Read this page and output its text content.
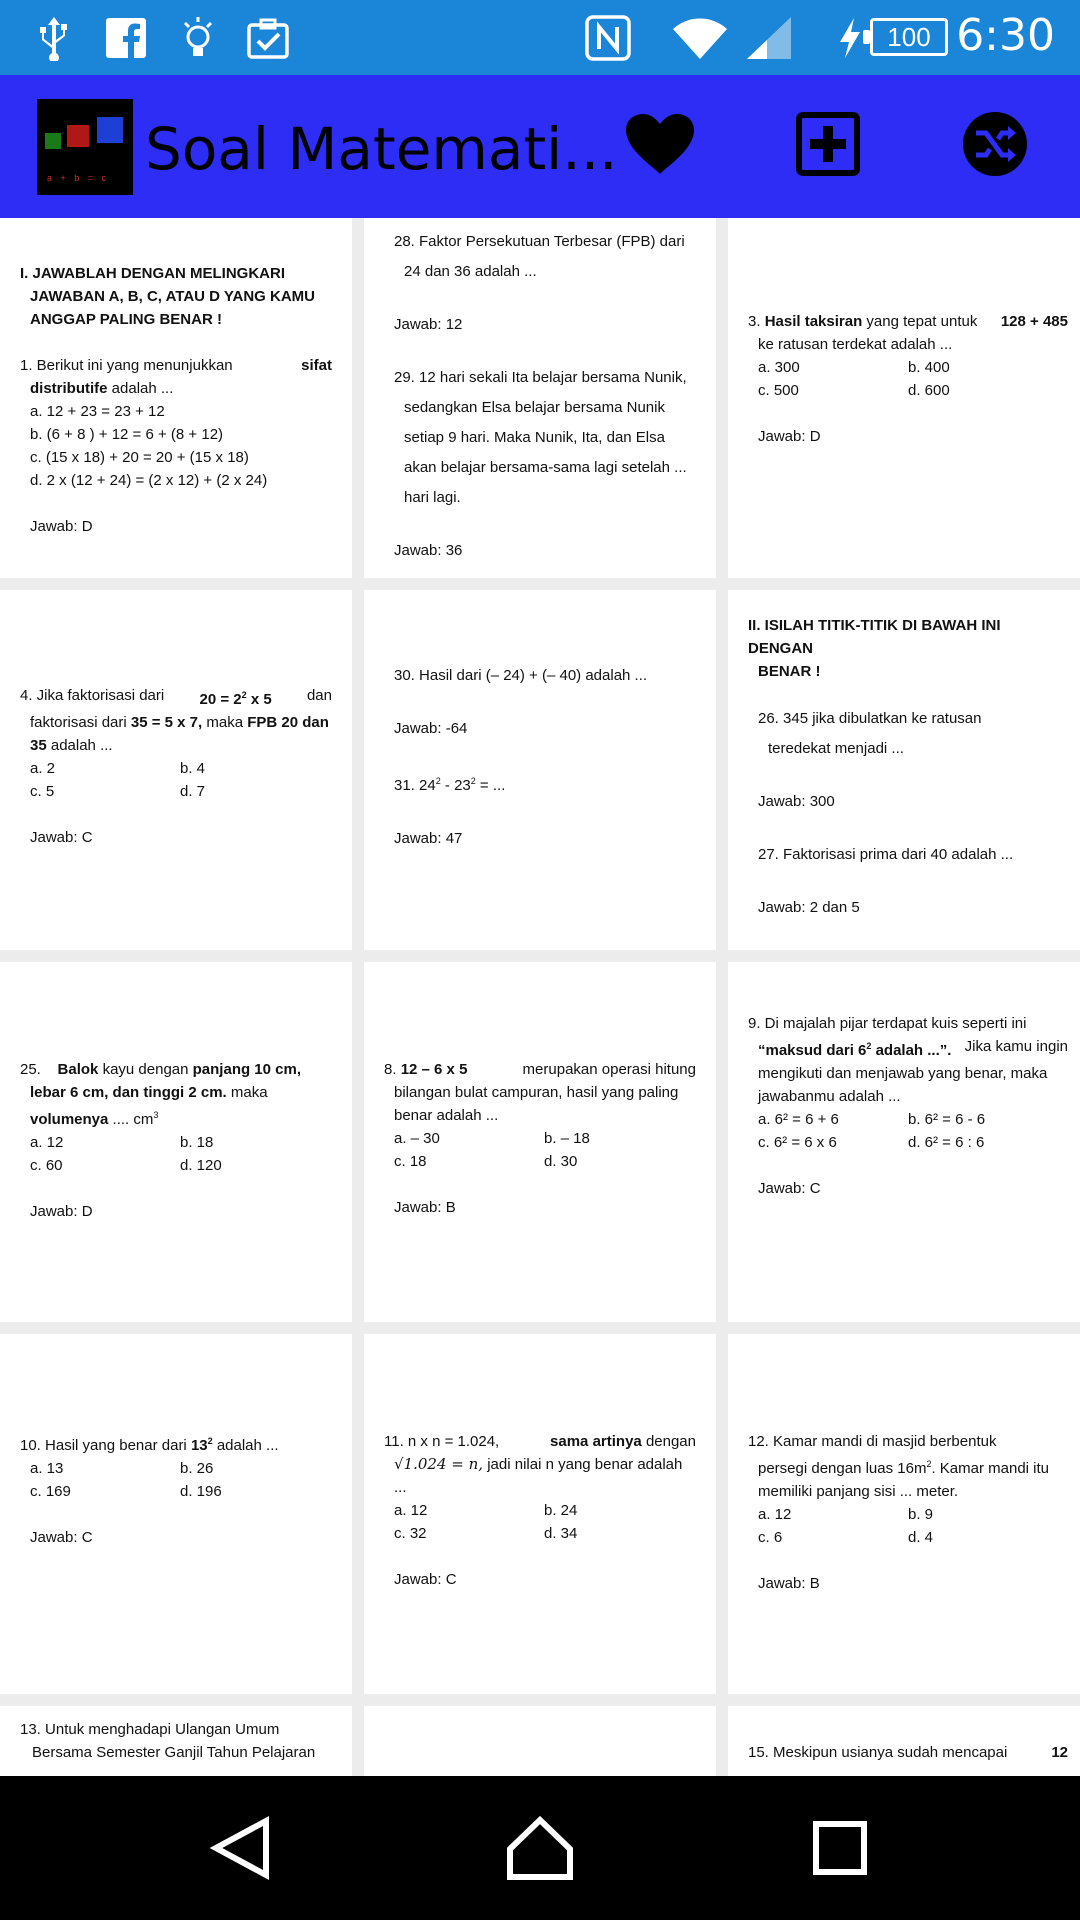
100 6:30
a + b = c Soal Matemati...
I. JAWABLAH DENGAN MELINGKARI
JAWABAN A, B, C, ATAU D YANG KAMU
ANGGAP PALING BENAR !
1. Berikut ini yang menunjukkan	sifat
distributife adalah ...
a. 12 + 23 = 23 + 12
b. (6 + 8 ) + 12 = 6 + (8 + 12)
c. (15 x 18) + 20 = 20 + (15 x 18)
d. 2 x (12 + 24) = (2 x 12) + (2 x 24)
Jawab: D
28. Faktor Persekutuan Terbesar (FPB) dari
24 dan 36 adalah ...
Jawab: 12
29. 12 hari sekali Ita belajar bersama Nunik,
sedangkan Elsa belajar bersama Nunik
setiap 9 hari. Maka Nunik, Ita, dan Elsa
akan belajar bersama-sama lagi setelah ...
hari lagi.
Jawab: 36
3. Hasil taksiran yang tepat untuk 128 + 485
ke ratusan terdekat adalah ...
a. 300	b. 400
c. 500	d. 600
Jawab: D
4. Jika faktorisasi dari $20 = 2^2$ x 5 dan
faktorisasi dari 35 = 5 x 7, maka FPB 20 dan
35 adalah ...
a. 2	b. 4
c. 5	d. 7
Jawab: C
30. Hasil dari (– 24) + (– 40) adalah ...
Jawab: -64
31. $24^2 - 23^2$ = ...
Jawab: 47
II. ISILAH TITIK-TITIK DI BAWAH INI DENGAN
BENAR !
26. 345 jika dibulatkan ke ratusan
teredekat menjadi ...
Jawab: 300
27. Faktorisasi prima dari 40 adalah ...
Jawab: 2 dan 5
25. Balok kayu dengan panjang 10 cm,
lebar 6 cm, dan tinggi 2 cm. maka
volumenya .... $cm^3$
a. 12	b. 18
c. 60	d. 120
Jawab: D
8. 12 – 6 x 5	merupakan operasi hitung
bilangan bulat campuran, hasil yang paling
benar adalah ...
a. – 30	b. – 18
c. 18	d. 30
Jawab: B
9. Di majalah pijar terdapat kuis seperti ini
“maksud dari $6^2$ adalah ...”. Jika kamu ingin
mengikuti dan menjawab yang benar, maka
jawabanmu adalah ...
a. 6² = 6 + 6	b. 6² = 6 - 6
c. 6² = 6 x 6	d. 6² = 6 : 6
Jawab: C
10. Hasil yang benar dari $13^2$ adalah ...
a. 13	b. 26
c. 169	d. 196
Jawab: C
11. n x n = 1.024,	sama artinya dengan
√1.024 = n, jadi nilai n yang benar adalah ...
a. 12	b. 24
c. 32	d. 34
Jawab: C
12. Kamar mandi di masjid berbentuk
persegi dengan luas $16m^2$. Kamar mandi itu
memiliki panjang sisi ... meter.
a. 12	b. 9
c. 6	d. 4
Jawab: B
13. Untuk menghadapi Ulangan Umum
Bersama Semester Ganjil Tahun Pelajaran	15. Meskipun usianya sudah mencapai	12
